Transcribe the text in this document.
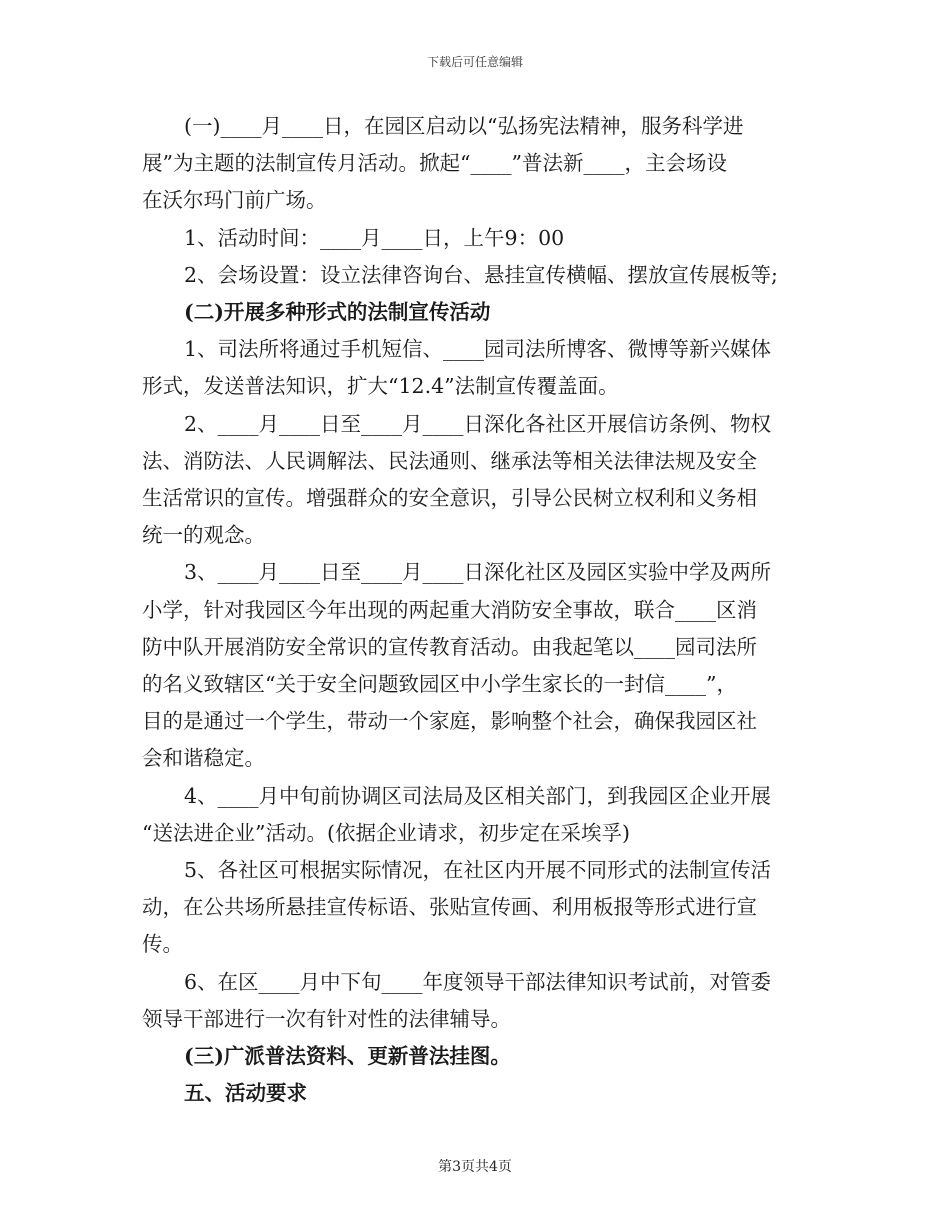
下载后可任意编辑

(一)____月____日，在园区启动以“弘扬宪法精神，服务科学进

展”为主题的法制宣传月活动。掀起“____”普法新____，主会场设

在沃尔玛门前广场。

1、活动时间：____月____日，上午9：00

2、会场设置：设立法律咨询台、悬挂宣传横幅、摆放宣传展板等;

(二)开展多种形式的法制宣传活动

1、司法所将通过手机短信、____园司法所博客、微博等新兴媒体

形式，发送普法知识，扩大“12.4”法制宣传覆盖面。

2、____月____日至____月____日深化各社区开展信访条例、物权

法、消防法、人民调解法、民法通则、继承法等相关法律法规及安全

生活常识的宣传。增强群众的安全意识，引导公民树立权利和义务相

统一的观念。

3、____月____日至____月____日深化社区及园区实验中学及两所

小学，针对我园区今年出现的两起重大消防安全事故，联合____区消

防中队开展消防安全常识的宣传教育活动。由我起笔以____园司法所

的名义致辖区“关于安全问题致园区中小学生家长的一封信____”，

目的是通过一个学生，带动一个家庭，影响整个社会，确保我园区社

会和谐稳定。

4、____月中旬前协调区司法局及区相关部门，到我园区企业开展

“送法进企业”活动。(依据企业请求，初步定在采埃孚)

5、各社区可根据实际情况，在社区内开展不同形式的法制宣传活

动，在公共场所悬挂宣传标语、张贴宣传画、利用板报等形式进行宣

传。

6、在区____月中下旬____年度领导干部法律知识考试前，对管委

领导干部进行一次有针对性的法律辅导。

(三)广派普法资料、更新普法挂图。

五、活动要求

第3页共4页
